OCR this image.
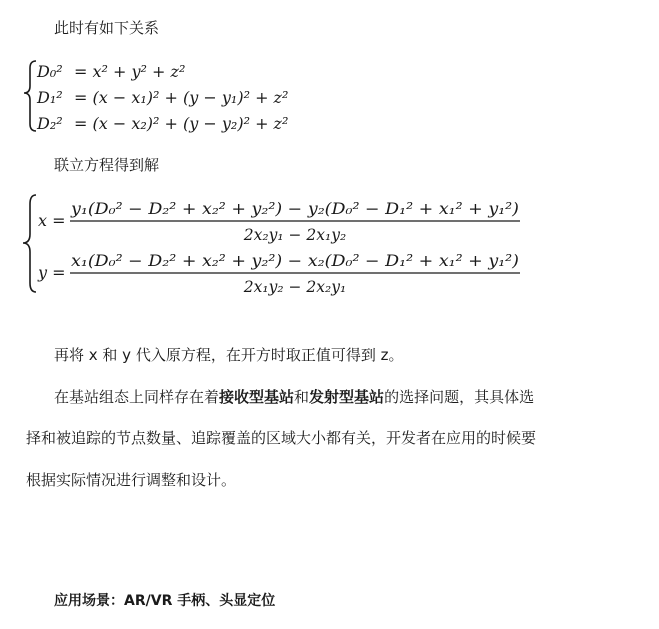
此时有如下关系
D₀² = x² + y² + z²
D₁² = (x − x₁)² + (y − y₁)² + z²
D₂² = (x − x₂)² + (y − y₂)² + z²
x =
y₁(D₀² − D₂² + x₂² + y₂²) − y₂(D₀² − D₁² + x₁² + y₁²)
2x₂y₁ − 2x₁y₂
y =
x₁(D₀² − D₂² + x₂² + y₂²) − x₂(D₀² − D₁² + x₁² + y₁²)
2x₁y₂ − 2x₂y₁
联立方程得到解
再将 x 和 y 代入原方程，在开方时取正值可得到 z。
在基站组态上同样存在着接收型基站和发射型基站的选择问题，其具体选
择和被追踪的节点数量、追踪覆盖的区域大小都有关，开发者在应用的时候要
根据实际情况进行调整和设计。
应用场景：AR/VR 手柄、头显定位
